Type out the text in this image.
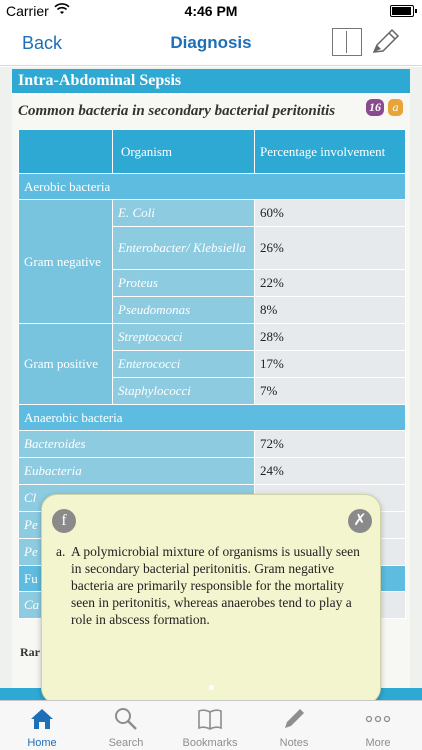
Carrier	4:46 PM
Back	Diagnosis
Intra-Abdominal Sepsis
Common bacteria in secondary bacterial peritonitis	16 a
	Organism	Percentage involvement
Aerobic bacteria		
Gram negative	E. Coli	60%
	Enterobacter/ Klebsiella	26%
	Proteus	22%
	Pseudomonas	8%
Gram positive	Streptococci	28%
	Enterococci	17%
	Staphylococci	7%
Anaerobic bacteria		
Bacteroides		72%
Eubacteria		24%
Cl		
Pe		
Pe		
Fu		
Ca		
Rar
f	✗
a. A polymicrobial mixture of organisms is usually seen in secondary bacterial peritonitis. Gram negative bacteria are primarily responsible for the mortality seen in peritonitis, whereas anaerobes tend to play a role in abscess formation.
Home	Search	Bookmarks	Notes	More
